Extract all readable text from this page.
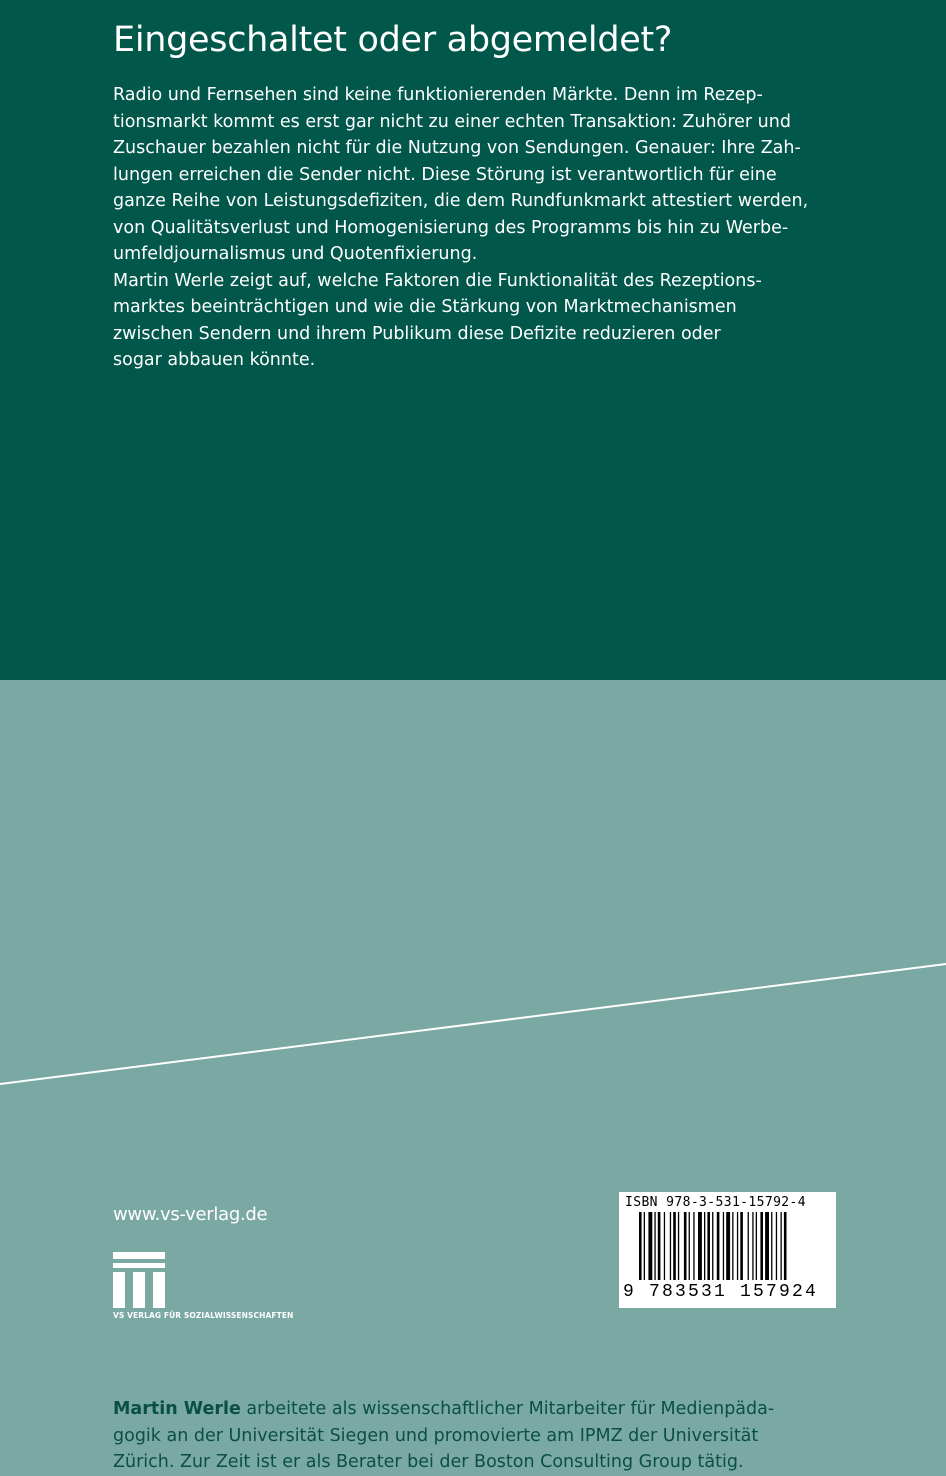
Eingeschaltet oder abgemeldet?
Radio und Fernsehen sind keine funktionierenden Märkte. Denn im Rezep-
tionsmarkt kommt es erst gar nicht zu einer echten Transaktion: Zuhörer und
Zuschauer bezahlen nicht für die Nutzung von Sendungen. Genauer: Ihre Zah-
lungen erreichen die Sender nicht. Diese Störung ist verantwortlich für eine
ganze Reihe von Leistungsdefiziten, die dem Rundfunkmarkt attestiert werden,
von Qualitätsverlust und Homogenisierung des Programms bis hin zu Werbe-
umfeldjournalismus und Quotenfixierung.
Martin Werle zeigt auf, welche Faktoren die Funktionalität des Rezeptions-
marktes beeinträchtigen und wie die Stärkung von Marktmechanismen
zwischen Sendern und ihrem Publikum diese Defizite reduzieren oder
sogar abbauen könnte.
Martin Werle arbeitete als wissenschaftlicher Mitarbeiter für Medienpäda-
gogik an der Universität Siegen und promovierte am IPMZ der Universität
Zürich. Zur Zeit ist er als Berater bei der Boston Consulting Group tätig.

www.vs-verlag.de

VS VERLAG FÜR SOZIALWISSENSCHAFTEN

ISBN 978-3-531-15792-4

9 783531 157924
